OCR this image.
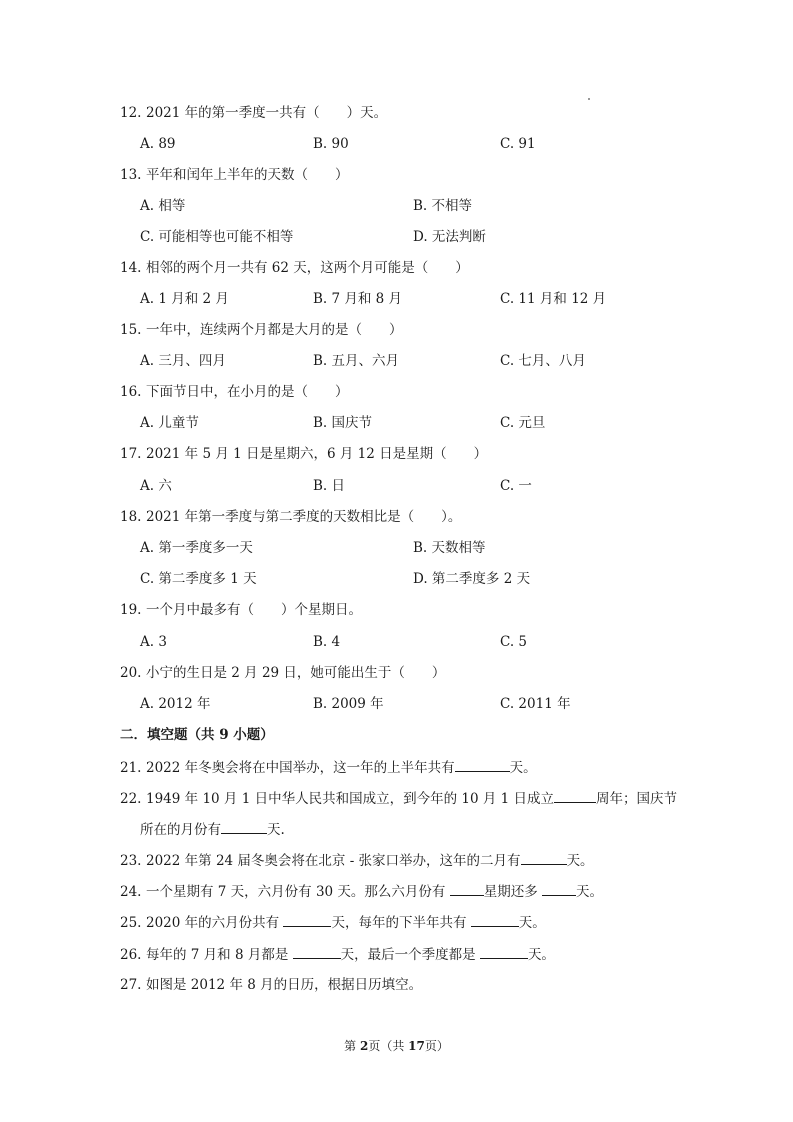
12. 2021 年的第一季度一共有（　　）天。
A. 89	B. 90	C. 91
13. 平年和闰年上半年的天数（　　）
A. 相等	B. 不相等
C. 可能相等也可能不相等	D. 无法判断
14. 相邻的两个月一共有 62 天，这两个月可能是（　　）
A. 1 月和 2 月	B. 7 月和 8 月	C. 11 月和 12 月
15. 一年中，连续两个月都是大月的是（　　）
A. 三月、四月	B. 五月、六月	C. 七月、八月
16. 下面节日中，在小月的是（　　）
A. 儿童节	B. 国庆节	C. 元旦
17. 2021 年 5 月 1 日是星期六，6 月 12 日是星期（　　）
A. 六	B. 日	C. 一
18. 2021 年第一季度与第二季度的天数相比是（　　）。
A. 第一季度多一天	B. 天数相等
C. 第二季度多 1 天	D. 第二季度多 2 天
19. 一个月中最多有（　　）个星期日。
A. 3	B. 4	C. 5
20. 小宁的生日是 2 月 29 日，她可能出生于（　　）
A. 2012 年	B. 2009 年	C. 2011 年
二．填空题（共 9 小题）
21. 2022 年冬奥会将在中国举办，这一年的上半年共有	天。
22. 1949 年 10 月 1 日中华人民共和国成立，到今年的 10 月 1 日成立	周年；国庆节
所在的月份有	天.
23. 2022 年第 24 届冬奥会将在北京 - 张家口举办，这年的二月有	天。
24. 一个星期有 7 天，六月份有 30 天。那么六月份有	星期还多	天。
25. 2020 年的六月份共有	天，每年的下半年共有	天。
26. 每年的 7 月和 8 月都是	天，最后一个季度都是	天。
27. 如图是 2012 年 8 月的日历，根据日历填空。
第 2页（共 17页）
